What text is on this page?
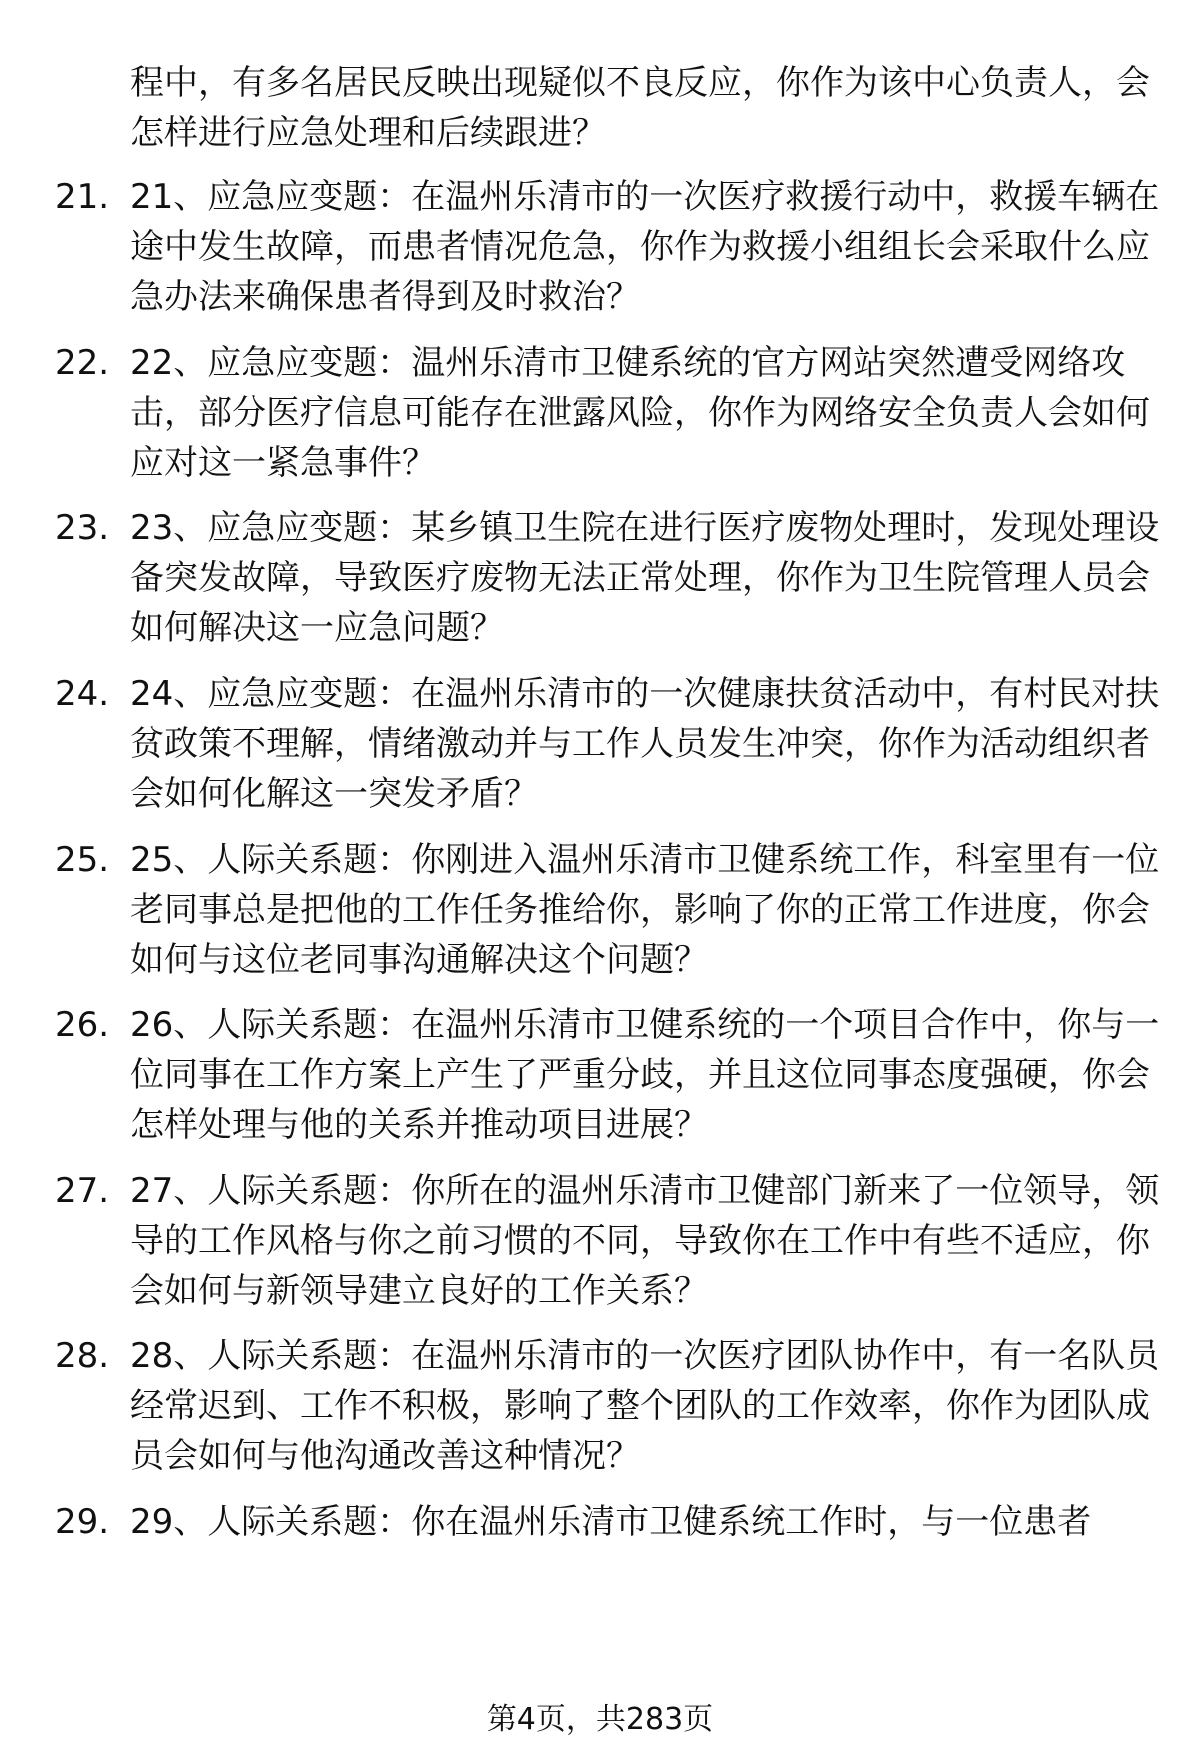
程中，有多名居民反映出现疑似不良反应，你作为该中心负责人，会怎样进行应急处理和后续跟进？
21. 21、应急应变题：在温州乐清市的一次医疗救援行动中，救援车辆在途中发生故障，而患者情况危急，你作为救援小组组长会采取什么应急办法来确保患者得到及时救治？
22. 22、应急应变题：温州乐清市卫健系统的官方网站突然遭受网络攻击，部分医疗信息可能存在泄露风险，你作为网络安全负责人会如何应对这一紧急事件？
23. 23、应急应变题：某乡镇卫生院在进行医疗废物处理时，发现处理设备突发故障，导致医疗废物无法正常处理，你作为卫生院管理人员会如何解决这一应急问题？
24. 24、应急应变题：在温州乐清市的一次健康扶贫活动中，有村民对扶贫政策不理解，情绪激动并与工作人员发生冲突，你作为活动组织者会如何化解这一突发矛盾？
25. 25、人际关系题：你刚进入温州乐清市卫健系统工作，科室里有一位老同事总是把他的工作任务推给你，影响了你的正常工作进度，你会如何与这位老同事沟通解决这个问题？
26. 26、人际关系题：在温州乐清市卫健系统的一个项目合作中，你与一位同事在工作方案上产生了严重分歧，并且这位同事态度强硬，你会怎样处理与他的关系并推动项目进展？
27. 27、人际关系题：你所在的温州乐清市卫健部门新来了一位领导，领导的工作风格与你之前习惯的不同，导致你在工作中有些不适应，你会如何与新领导建立良好的工作关系？
28. 28、人际关系题：在温州乐清市的一次医疗团队协作中，有一名队员经常迟到、工作不积极，影响了整个团队的工作效率，你作为团队成员会如何与他沟通改善这种情况？
29. 29、人际关系题：你在温州乐清市卫健系统工作时，与一位患者
第4页，共283页
